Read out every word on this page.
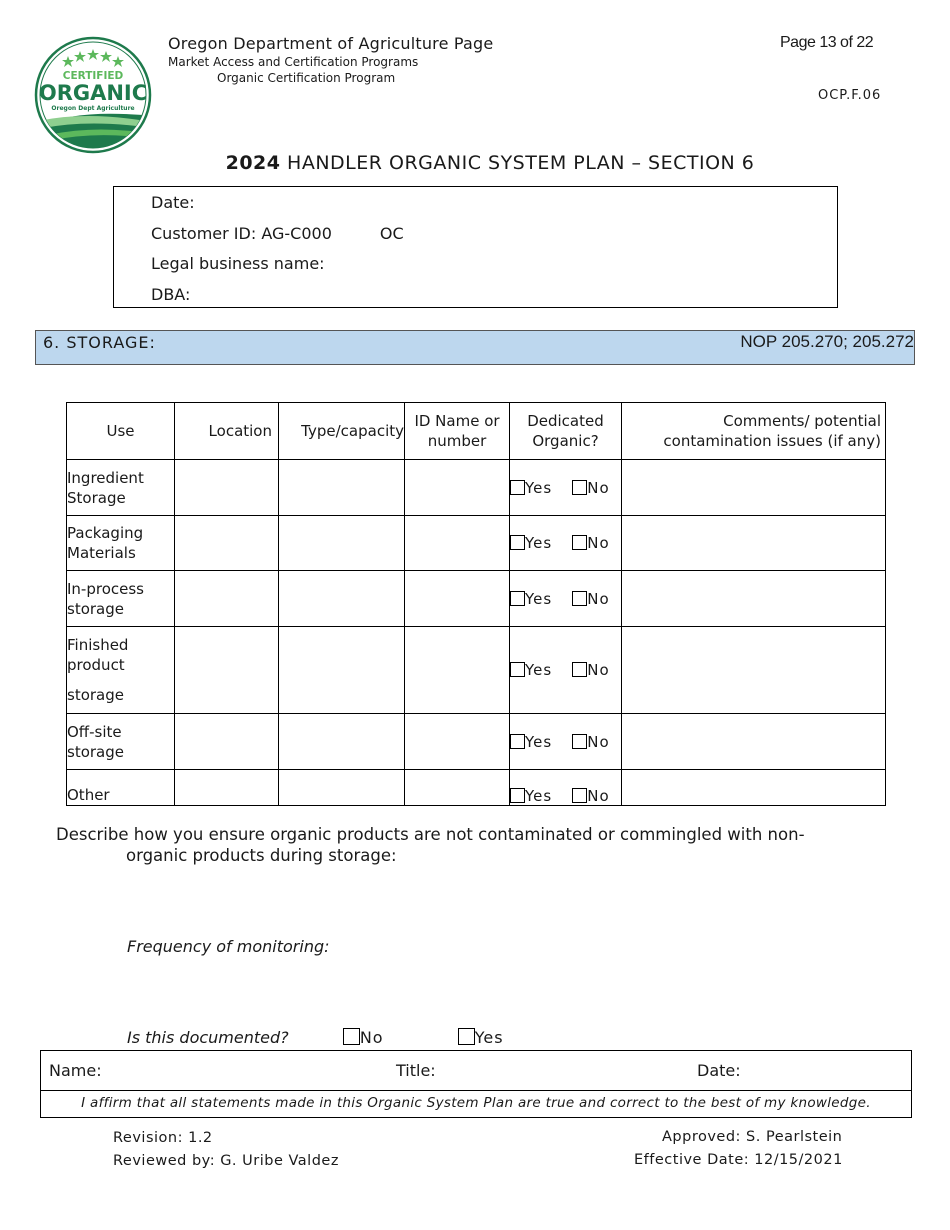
CERTIFIED
ORGANIC
Oregon Dept Agriculture
Oregon Department of Agriculture Page
Market Access and Certification Programs
Organic Certification Program
Page 13 of 22
OCP.F.06
2024 HANDLER ORGANIC SYSTEM PLAN – SECTION 6
Date:
Customer ID: AG-C000	OC
Legal business name:
DBA:
6. STORAGE:	NOP 205.270; 205.272
Use	Location	Type/capacity	ID Name or number	Dedicated Organic?	Comments/ potential contamination issues (if any)
Ingredient Storage				Yes No	
Packaging Materials				Yes No	
In-process storage				Yes No	
Finished product
storage				Yes No	
Off-site storage				Yes No	
Other				Yes No	
Describe how you ensure organic products are not contaminated or commingled with non-
organic products during storage:
Frequency of monitoring:
Is this documented?	No	Yes
Name:	Title:	Date:
I affirm that all statements made in this Organic System Plan are true and correct to the best of my knowledge.
Revision: 1.2
Reviewed by: G. Uribe Valdez
Approved: S. Pearlstein
Effective Date: 12/15/2021
